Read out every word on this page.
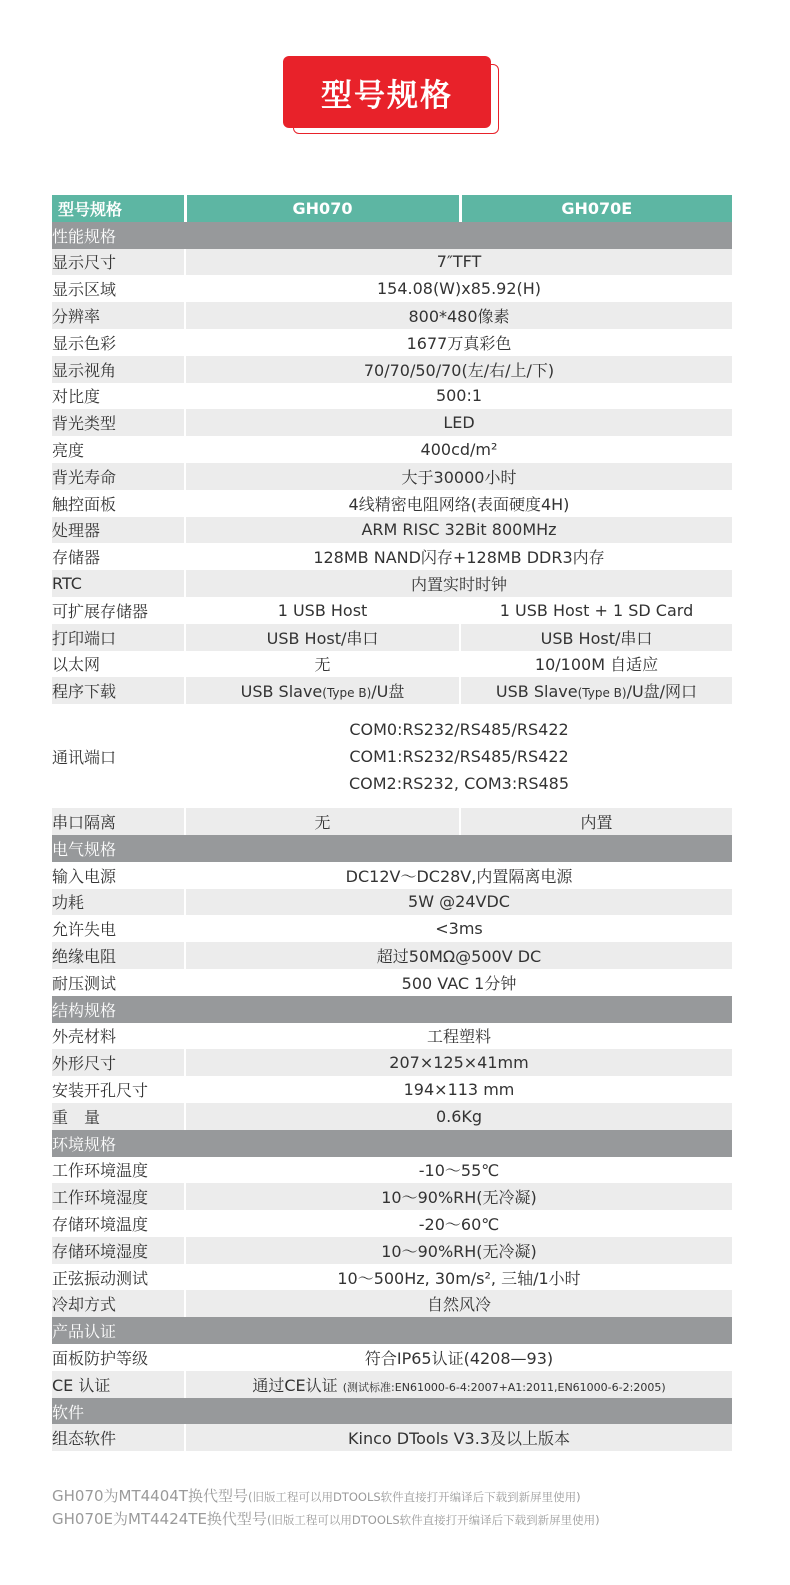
型号规格
型号规格	GH070	GH070E
性能规格		
显示尺寸	7″TFT	
显示区域	154.08(W)x85.92(H)	
分辨率	800*480像素	
显示色彩	1677万真彩色	
显示视角	70/70/50/70(左/右/上/下)	
对比度	500:1	
背光类型	LED	
亮度	400cd/m²	
背光寿命	大于30000小时	
触控面板	4线精密电阻网络(表面硬度4H)	
处理器	ARM RISC 32Bit 800MHz	
存储器	128MB NAND闪存+128MB DDR3内存	
RTC	内置实时时钟	
可扩展存储器	1 USB Host	1 USB Host + 1 SD Card
打印端口	USB Host/串口	USB Host/串口
以太网	无	10/100M 自适应
程序下载	USB Slave(Type B)/U盘	USB Slave(Type B)/U盘/网口
通讯端口	COM0:RS232/RS485/RS422
COM1:RS232/RS485/RS422
COM2:RS232, COM3:RS485	

串口隔离	无	内置
电气规格		
输入电源	DC12V～DC28V,内置隔离电源	
功耗	5W @24VDC	
允许失电	<3ms	
绝缘电阻	超过50MΩ@500V DC	
耐压测试	500 VAC 1分钟	
结构规格		
外壳材料	工程塑料	
外形尺寸	207×125×41mm	
安装开孔尺寸	194×113 mm	
重　量	0.6Kg	
环境规格		
工作环境温度	-10～55℃	
工作环境湿度	10～90%RH(无冷凝)	
存储环境温度	-20～60℃	
存储环境湿度	10～90%RH(无冷凝)	
正弦振动测试	10～500Hz, 30m/s², 三轴/1小时	
冷却方式	自然风冷	
产品认证		
面板防护等级	符合IP65认证(4208—93)	
CE 认证	通过CE认证 (测试标准:EN61000-6-4:2007+A1:2011,EN61000-6-2:2005)	
软件		
组态软件	Kinco DTools V3.3及以上版本	
GH070为MT4404T换代型号(旧版工程可以用DTOOLS软件直接打开编译后下载到新屏里使用)
GH070E为MT4424TE换代型号(旧版工程可以用DTOOLS软件直接打开编译后下载到新屏里使用)
